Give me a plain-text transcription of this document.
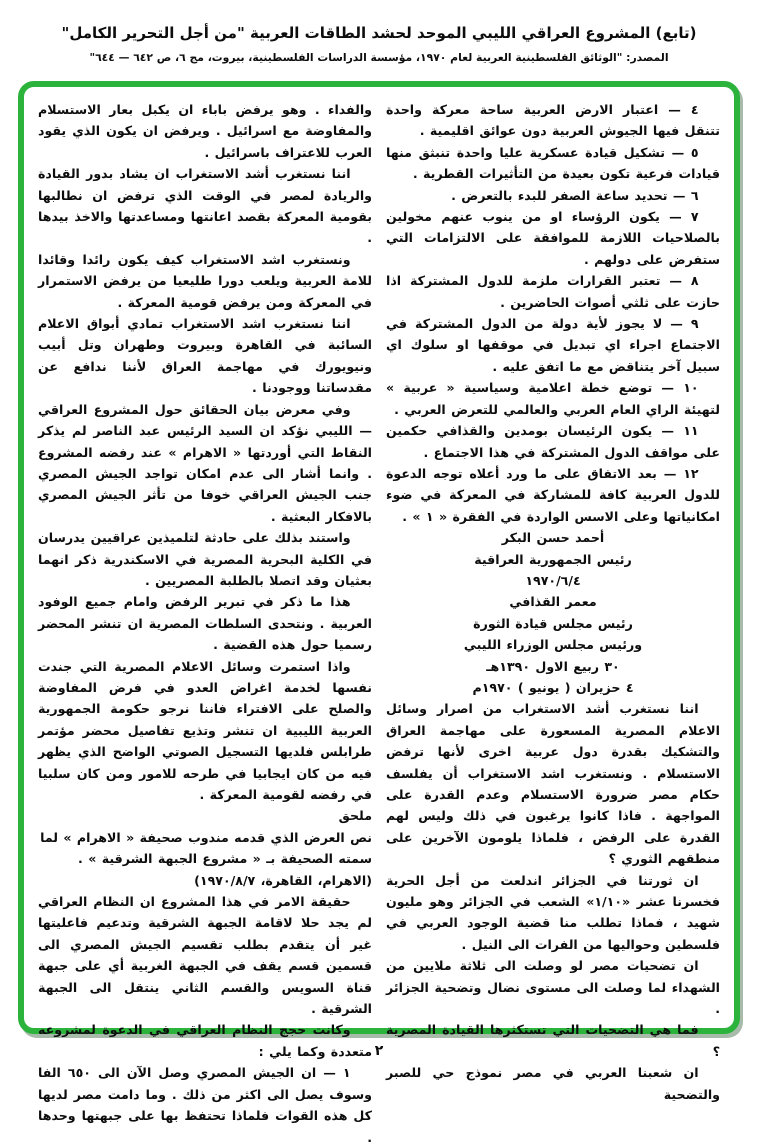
(تابع) المشروع العراقي الليبي الموحد لحشد الطاقات العربية "من أجل التحرير الكامل"
المصدر: "الوثائق الفلسطينية العربية لعام ١٩٧٠، مؤسسة الدراسات الفلسطينية، بيروت، مج ٦، ص ٦٤٢ — ٦٤٤"

٤ — اعتبار الارض العربية ساحة معركة واحدة تتنقل فيها الجيوش العربية دون عوائق اقليمية .

٥ — تشكيل قيادة عسكرية عليا واحدة تنبثق منها قيادات فرعية تكون بعيدة من التأثيرات القطرية .

٦ — تحديد ساعة الصفر للبدء بالتعرض .

٧ — يكون الرؤساء او من ينوب عنهم مخولين بالصلاحيات اللازمة للموافقة على الالتزامات التي ستفرض على دولهم .

٨ — تعتبر القرارات ملزمة للدول المشتركة اذا حازت على ثلثي أصوات الحاضرين .

٩ — لا يجوز لأية دولة من الدول المشتركة في الاجتماع اجراء اي تبديل في موقفها او سلوك اي سبيل آخر يتناقض مع ما اتفق عليه .

١٠ — توضع خطة اعلامية وسياسية « عربية » لتهيئة الراي العام العربي والعالمي للتعرض العربي .

١١ — يكون الرئيسان بومدين والقذافي حكمين على مواقف الدول المشتركة في هذا الاجتماع .

١٢ — بعد الاتفاق على ما ورد أعلاه توجه الدعوة للدول العربية كافة للمشاركة في المعركة في ضوء امكانياتها وعلى الاسس الواردة في الفقرة « ١ » .

أحمد حسن البكر

رئيس الجمهورية العراقية

١٩٧٠/٦/٤

معمر القذافي

رئيس مجلس قيادة الثورة

ورئيس مجلس الوزراء الليبي

٣٠ ربيع الاول ١٣٩٠هـ

٤ حزيران ( يونيو ) ١٩٧٠م

اننا نستغرب أشد الاستغراب من اصرار وسائل الاعلام المصرية المسعورة على مهاجمة العراق والتشكيك بقدرة دول عربية اخرى لأنها ترفض الاستسلام . ونستغرب اشد الاستغراب أن يفلسف حكام مصر ضرورة الاستسلام وعدم القدرة على المواجهة . فاذا كانوا يرغبون في ذلك وليس لهم القدرة على الرفض ، فلماذا يلومون الآخرين على منطقهم الثوري ؟

ان ثورتنا في الجزائر اندلعت من أجل الحرية فخسرنا عشر «١/١٠» الشعب في الجزائر وهو مليون شهيد ، فماذا تطلب منا قضية الوجود العربي في فلسطين وحواليها من الفرات الى النيل .

ان تضحيات مصر لو وصلت الى ثلاثة ملايين من الشهداء لما وصلت الى مستوى نضال وتضحية الجزائر .

فما هي التضحيات التي تستكثرها القيادة المصرية ؟

ان شعبنا العربي في مصر نموذج حي للصبر والتضحية

والفداء . وهو يرفض باباء ان يكبل بعار الاستسلام والمفاوضة مع اسرائيل . ويرفض ان يكون الذي يقود العرب للاعتراف باسرائيل .

اننا نستغرب أشد الاستغراب ان يشاد بدور القيادة والريادة لمصر في الوقت الذي ترفض ان نطالبها بقومية المعركة بقصد اعانتها ومساعدتها والاخذ بيدها .

ونستغرب اشد الاستغراب كيف يكون رائدا وقائدا للامة العربية ويلعب دورا طليعيا من يرفض الاستمرار في المعركة ومن يرفض قومية المعركة .

اننا نستغرب اشد الاستغراب تمادي أبواق الاعلام السائبة في القاهرة وبيروت وطهران وتل أبيب ونيويورك في مهاجمة العراق لأننا ندافع عن مقدساتنا ووجودنا .

وفي معرض بيان الحقائق حول المشروع العراقي — الليبي نؤكد ان السيد الرئيس عبد الناصر لم يذكر النقاط التي أوردتها « الاهرام » عند رفضه المشروع . وانما أشار الى عدم امكان تواجد الجيش المصري جنب الجيش العراقي خوفا من تأثر الجيش المصري بالافكار البعثية .

واستند بذلك على حادثة لتلميذين عراقيين يدرسان في الكلية البحرية المصرية في الاسكندرية ذكر انهما بعثيان وقد اتصلا بالطلبة المصريين .

هذا ما ذكر في تبرير الرفض وامام جميع الوفود العربية . ونتحدى السلطات المصرية ان تنشر المحضر رسميا حول هذه القضية .

واذا استمرت وسائل الاعلام المصرية التي جندت نفسها لخدمة اغراض العدو في فرض المفاوضة والصلح على الافتراء فاننا نرجو حكومة الجمهورية العربية الليبية ان تنشر وتذيع تفاصيل محضر مؤتمر طرابلس فلديها التسجيل الصوتي الواضح الذي يظهر فيه من كان ايجابيا في طرحه للامور ومن كان سلبيا في رفضه لقومية المعركة .

ملحق

نص العرض الذي قدمه مندوب صحيفة « الاهرام » لما سمته الصحيفة بـ « مشروع الجبهة الشرقية » .

(الاهرام، القاهرة، ١٩٧٠/٨/٧)

حقيقة الامر في هذا المشروع ان النظام العراقي لم يجد حلا لاقامة الجبهة الشرقية وتدعيم فاعليتها غير أن يتقدم بطلب تقسيم الجيش المصري الى قسمين قسم يقف في الجبهة الغربية أي على جبهة قناة السويس والقسم الثاني ينتقل الى الجبهة الشرقية .

وكانت حجج النظام العراقي في الدعوة لمشروعه متعددة وكما يلي :

١ — ان الجيش المصري وصل الآن الى ٦٥٠ الفا وسوف يصل الى اكثر من ذلك . وما دامت مصر لديها كل هذه القوات فلماذا تحتفظ بها على جبهتها وحدها .

٢
